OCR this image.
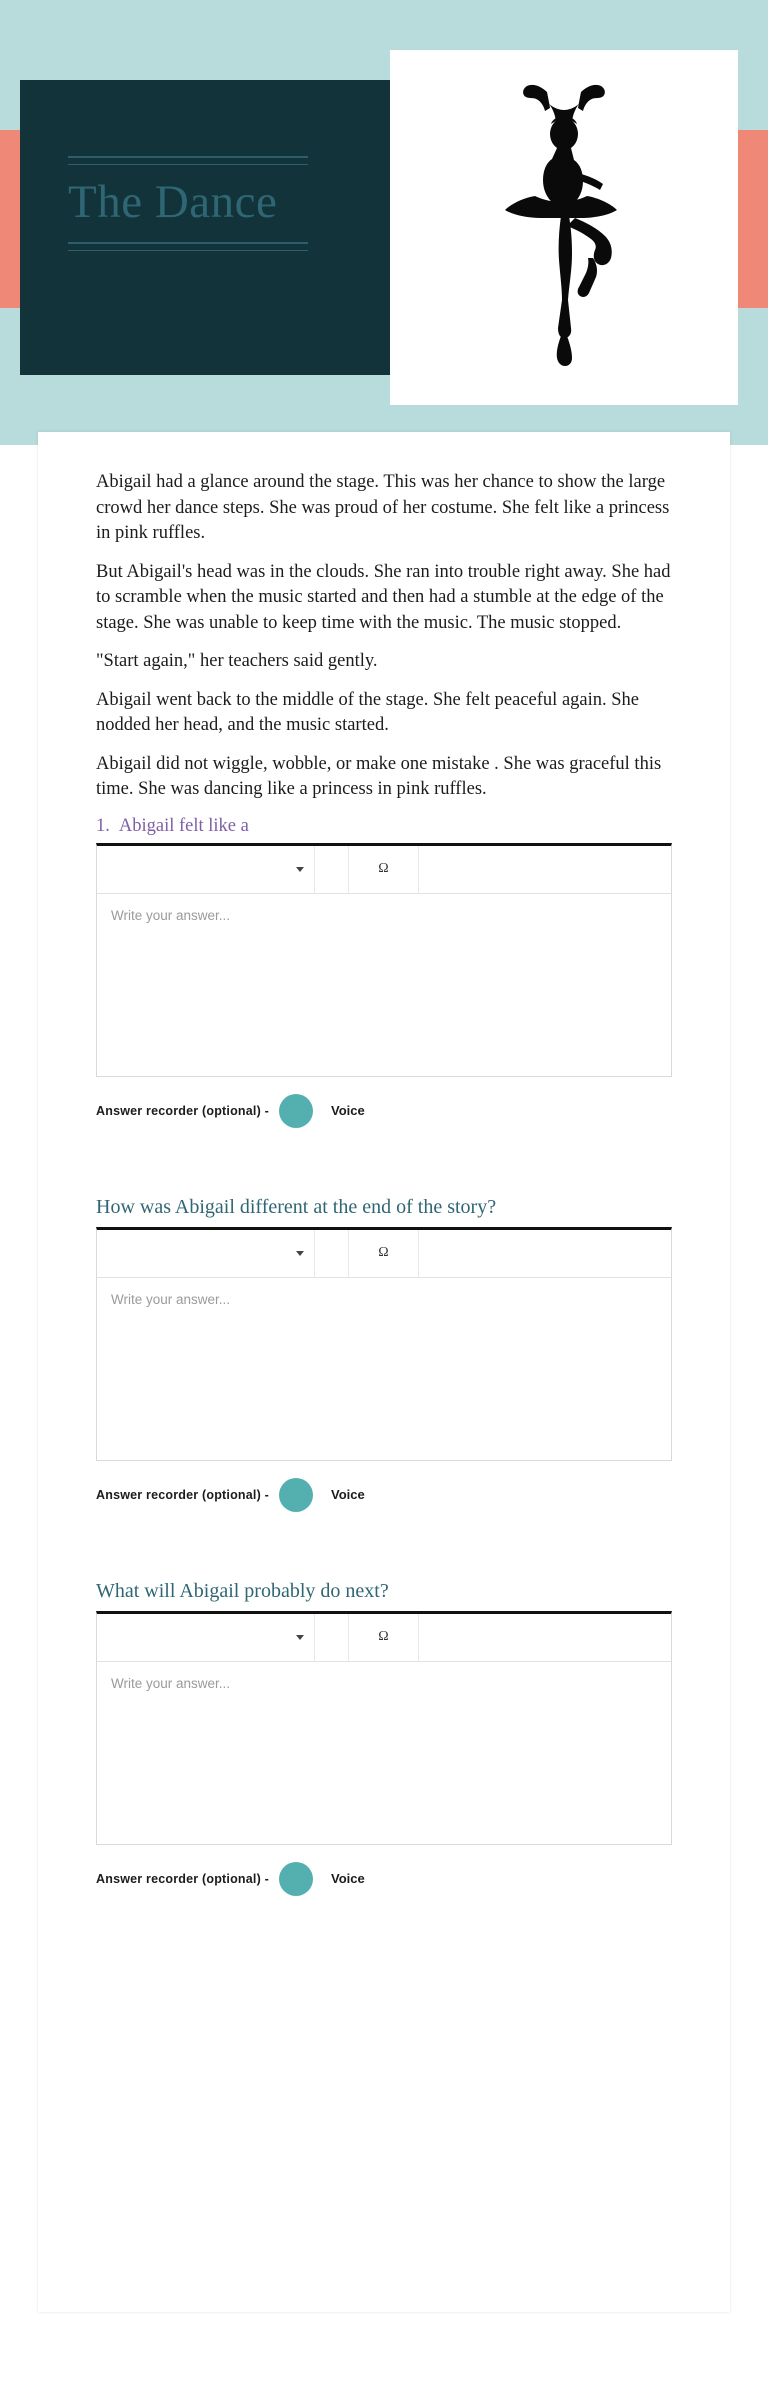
The Dance

Abigail had a glance around the stage. This was her chance to show the large crowd her dance steps. She was proud of her costume. She felt like a princess in pink ruffles.

But Abigail's head was in the clouds. She ran into trouble right away. She had to scramble when the music started and then had a stumble at the edge of the stage. She was unable to keep time with the music. The music stopped.

"Start again," her teachers said gently.

Abigail went back to the middle of the stage. She felt peaceful again. She nodded her head, and the music started.

Abigail did not wiggle, wobble, or make one mistake . She was graceful this time. She was dancing like a princess in pink ruffles.

1. Abigail felt like a
Ω
Write your answer...
Answer recorder (optional) -	Voice
How was Abigail different at the end of the story?
Ω
Write your answer...
Answer recorder (optional) -	Voice
What will Abigail probably do next?
Ω
Write your answer...
Answer recorder (optional) -	Voice
